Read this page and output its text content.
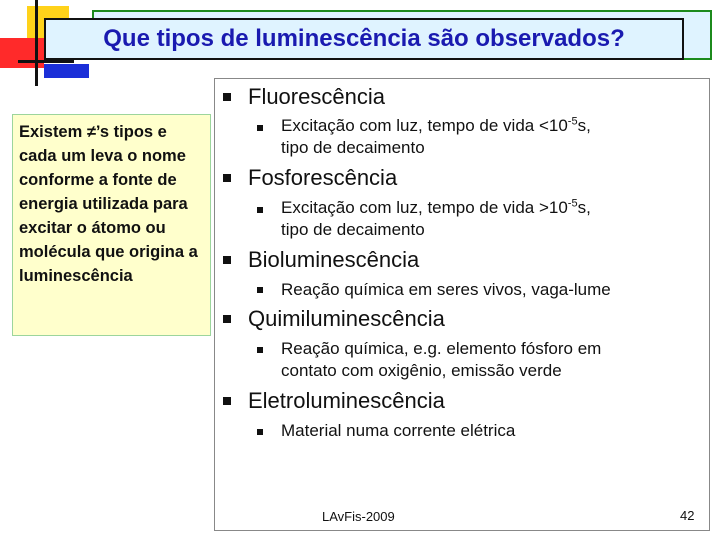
Que tipos de luminescência são observados?
Existem ≠’s tipos e cada um leva o nome conforme a fonte de energia utilizada para excitar o átomo ou molécula que origina a luminescência
Fluorescência
Fosforescência
Bioluminescência
Quimiluminescência
Eletroluminescência
Excitação com luz, tempo de vida $<10^{-5}s$,
tipo de decaimento
Excitação com luz, tempo de vida $>10^{-5}s$,
tipo de decaimento
Reação química em seres vivos, vaga-lume
Reação química, e.g. elemento fósforo em
contato com oxigênio, emissão verde
Material numa corrente elétrica
LAvFis-2009	42
